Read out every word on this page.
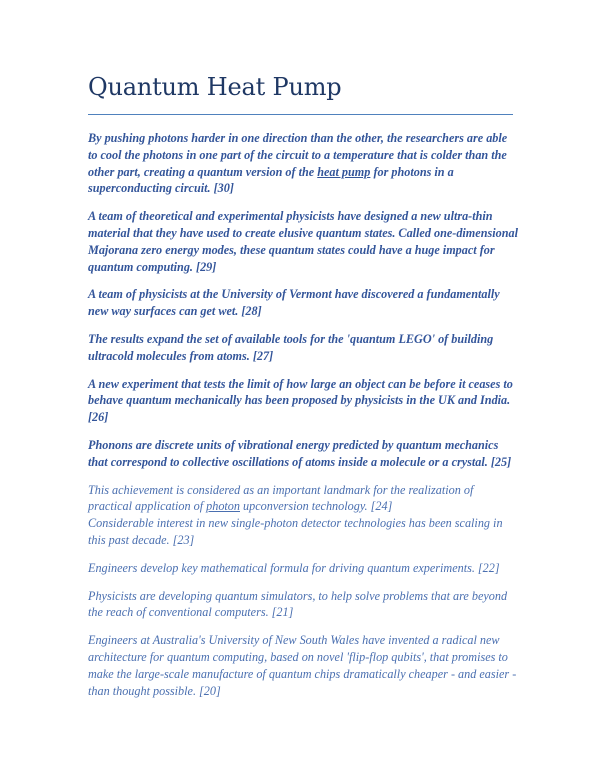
Quantum Heat Pump

By pushing photons harder in one direction than the other, the researchers are able to cool the photons in one part of the circuit to a temperature that is colder than the other part, creating a quantum version of the heat pump for photons in a superconducting circuit. [30]

A team of theoretical and experimental physicists have designed a new ultra-thin material that they have used to create elusive quantum states. Called one-dimensional Majorana zero energy modes, these quantum states could have a huge impact for quantum computing. [29]

A team of physicists at the University of Vermont have discovered a fundamentally new way surfaces can get wet. [28]

The results expand the set of available tools for the 'quantum LEGO' of building ultracold molecules from atoms. [27]

A new experiment that tests the limit of how large an object can be before it ceases to behave quantum mechanically has been proposed by physicists in the UK and India. [26]

Phonons are discrete units of vibrational energy predicted by quantum mechanics that correspond to collective oscillations of atoms inside a molecule or a crystal. [25]

This achievement is considered as an important landmark for the realization of practical application of photon upconversion technology. [24]

Considerable interest in new single-photon detector technologies has been scaling in this past decade. [23]

Engineers develop key mathematical formula for driving quantum experiments. [22]

Physicists are developing quantum simulators, to help solve problems that are beyond the reach of conventional computers. [21]

Engineers at Australia's University of New South Wales have invented a radical new architecture for quantum computing, based on novel 'flip-flop qubits', that promises to make the large-scale manufacture of quantum chips dramatically cheaper - and easier - than thought possible. [20]
